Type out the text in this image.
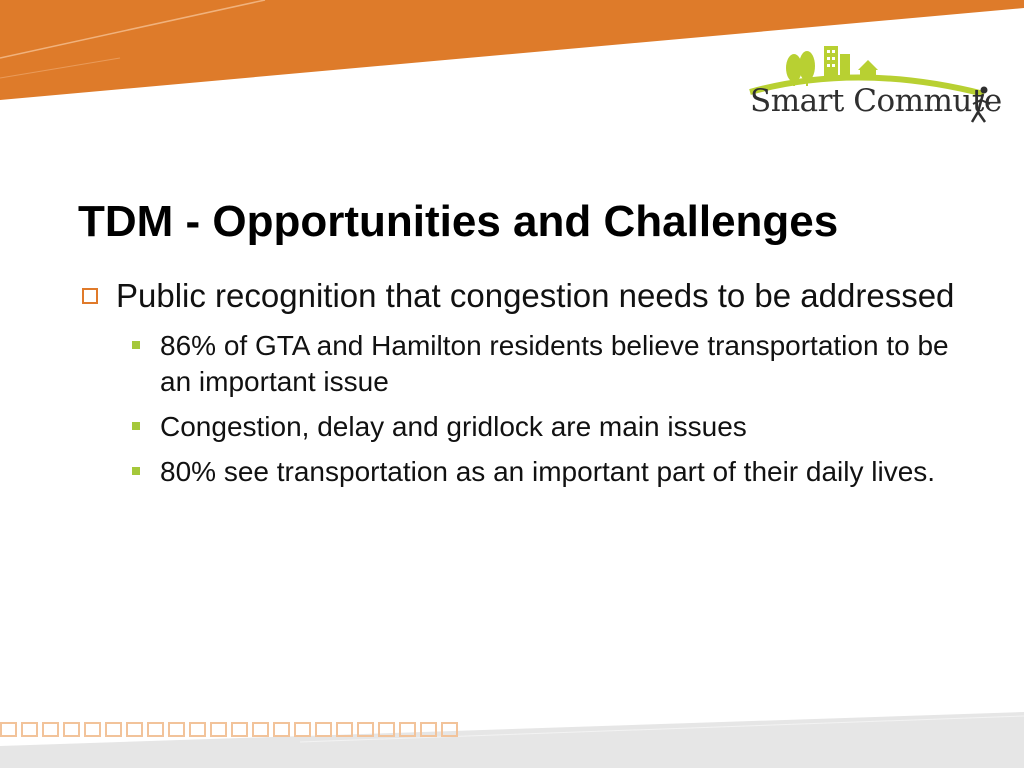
Smart Commute
TDM - Opportunities and Challenges
Public recognition that congestion needs to be addressed
86% of GTA and Hamilton residents believe transportation to be an important issue
Congestion, delay and gridlock are main issues
80% see transportation as an important part of their daily lives.
